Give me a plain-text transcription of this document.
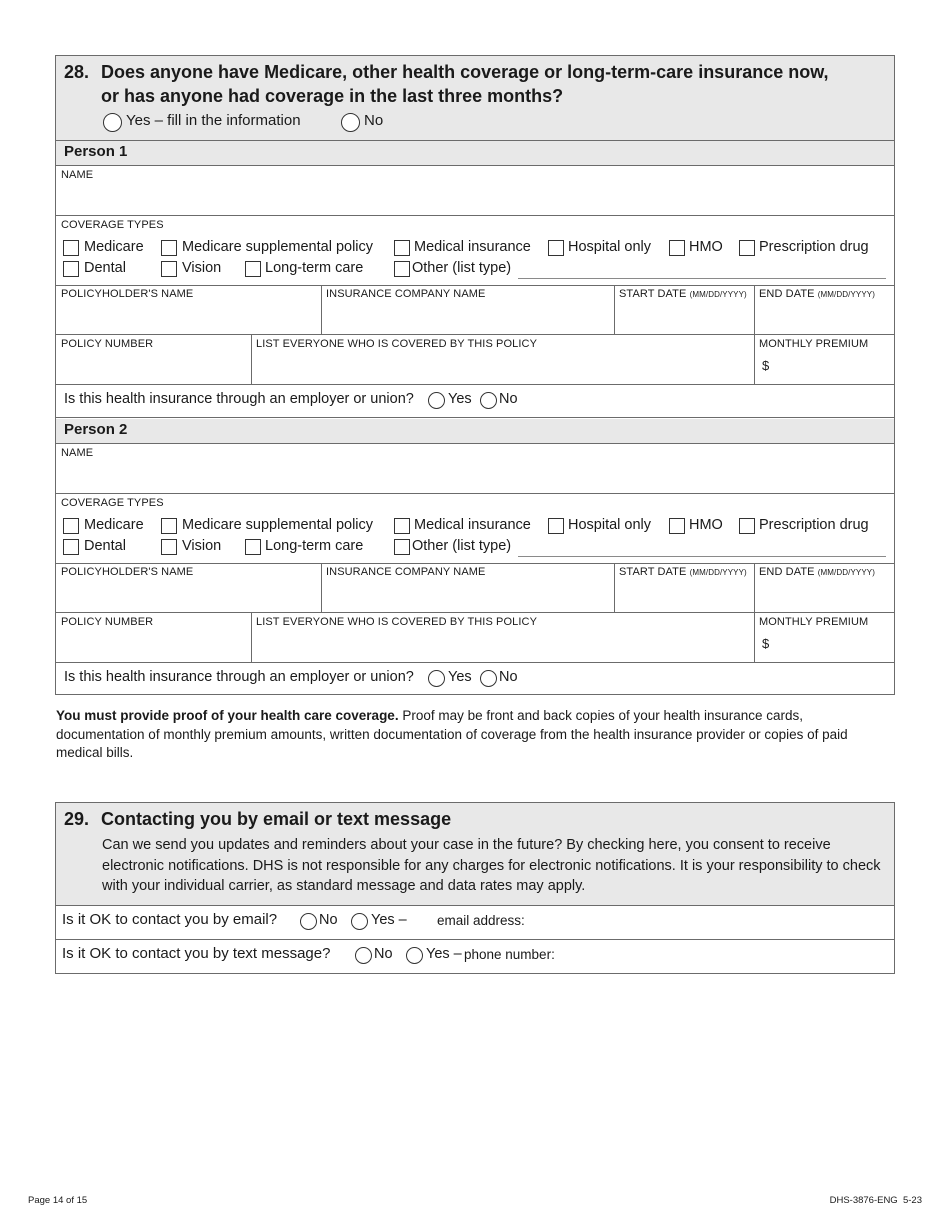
28. Does anyone have Medicare, other health coverage or long-term-care insurance now,
or has anyone had coverage in the last three months?
Yes – fill in the information	No
Person 1
NAME
COVERAGE TYPES
Medicare	Medicare supplemental policy	Medical insurance	Hospital only	HMO Prescription drug
Dental	Vision	Long-term care	Other (list type)
POLICYHOLDER'S NAME	INSURANCE COMPANY NAME	START DATE (MM/DD/YYYY) END DATE (MM/DD/YYYY)
POLICY NUMBER	LIST EVERYONE WHO IS COVERED BY THIS POLICY	MONTHLY PREMIUM
$
Is this health insurance through an employer or union? Yes No
Person 2
NAME
COVERAGE TYPES
Medicare	Medicare supplemental policy	Medical insurance	Hospital only	HMO Prescription drug
Dental	Vision	Long-term care	Other (list type)
POLICYHOLDER'S NAME	INSURANCE COMPANY NAME	START DATE (MM/DD/YYYY) END DATE (MM/DD/YYYY)
POLICY NUMBER	LIST EVERYONE WHO IS COVERED BY THIS POLICY	MONTHLY PREMIUM
$
Is this health insurance through an employer or union? Yes No
You must provide proof of your health care coverage. Proof may be front and back copies of your health insurance cards, documentation of monthly premium amounts, written documentation of coverage from the health insurance provider or copies of paid medical bills.
29. Contacting you by email or text message
Can we send you updates and reminders about your case in the future? By checking here, you consent to receive electronic notifications. DHS is not responsible for any charges for electronic notifications. It is your responsibility to check with your individual carrier, as standard message and data rates may apply.
Is it OK to contact you by email?	No Yes – email address:
Is it OK to contact you by text message?	No Yes – phone number:
Page 14 of 15	DHS-3876-ENG  5-23
